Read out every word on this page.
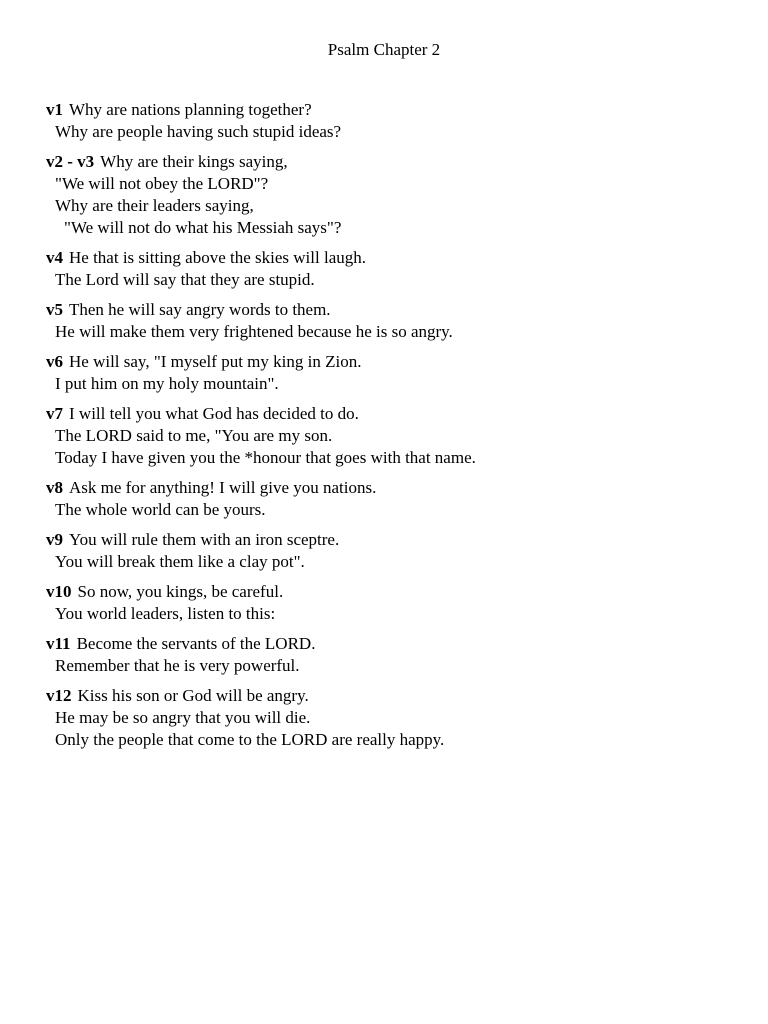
Psalm Chapter 2
v1 Why are nations planning together?
Why are people having such stupid ideas?
v2 - v3 Why are their kings saying,
"We will not obey the LORD"?
Why are their leaders saying,
"We will not do what his Messiah says"?
v4 He that is sitting above the skies will laugh.
The Lord will say that they are stupid.
v5 Then he will say angry words to them.
He will make them very frightened because he is so angry.
v6 He will say, "I myself put my king in Zion.
I put him on my holy mountain".
v7 I will tell you what God has decided to do.
The LORD said to me, "You are my son.
Today I have given you the *honour that goes with that name.
v8 Ask me for anything! I will give you nations.
The whole world can be yours.
v9 You will rule them with an iron sceptre.
You will break them like a clay pot".
v10 So now, you kings, be careful.
You world leaders, listen to this:
v11 Become the servants of the LORD.
Remember that he is very powerful.
v12 Kiss his son or God will be angry.
He may be so angry that you will die.
Only the people that come to the LORD are really happy.
